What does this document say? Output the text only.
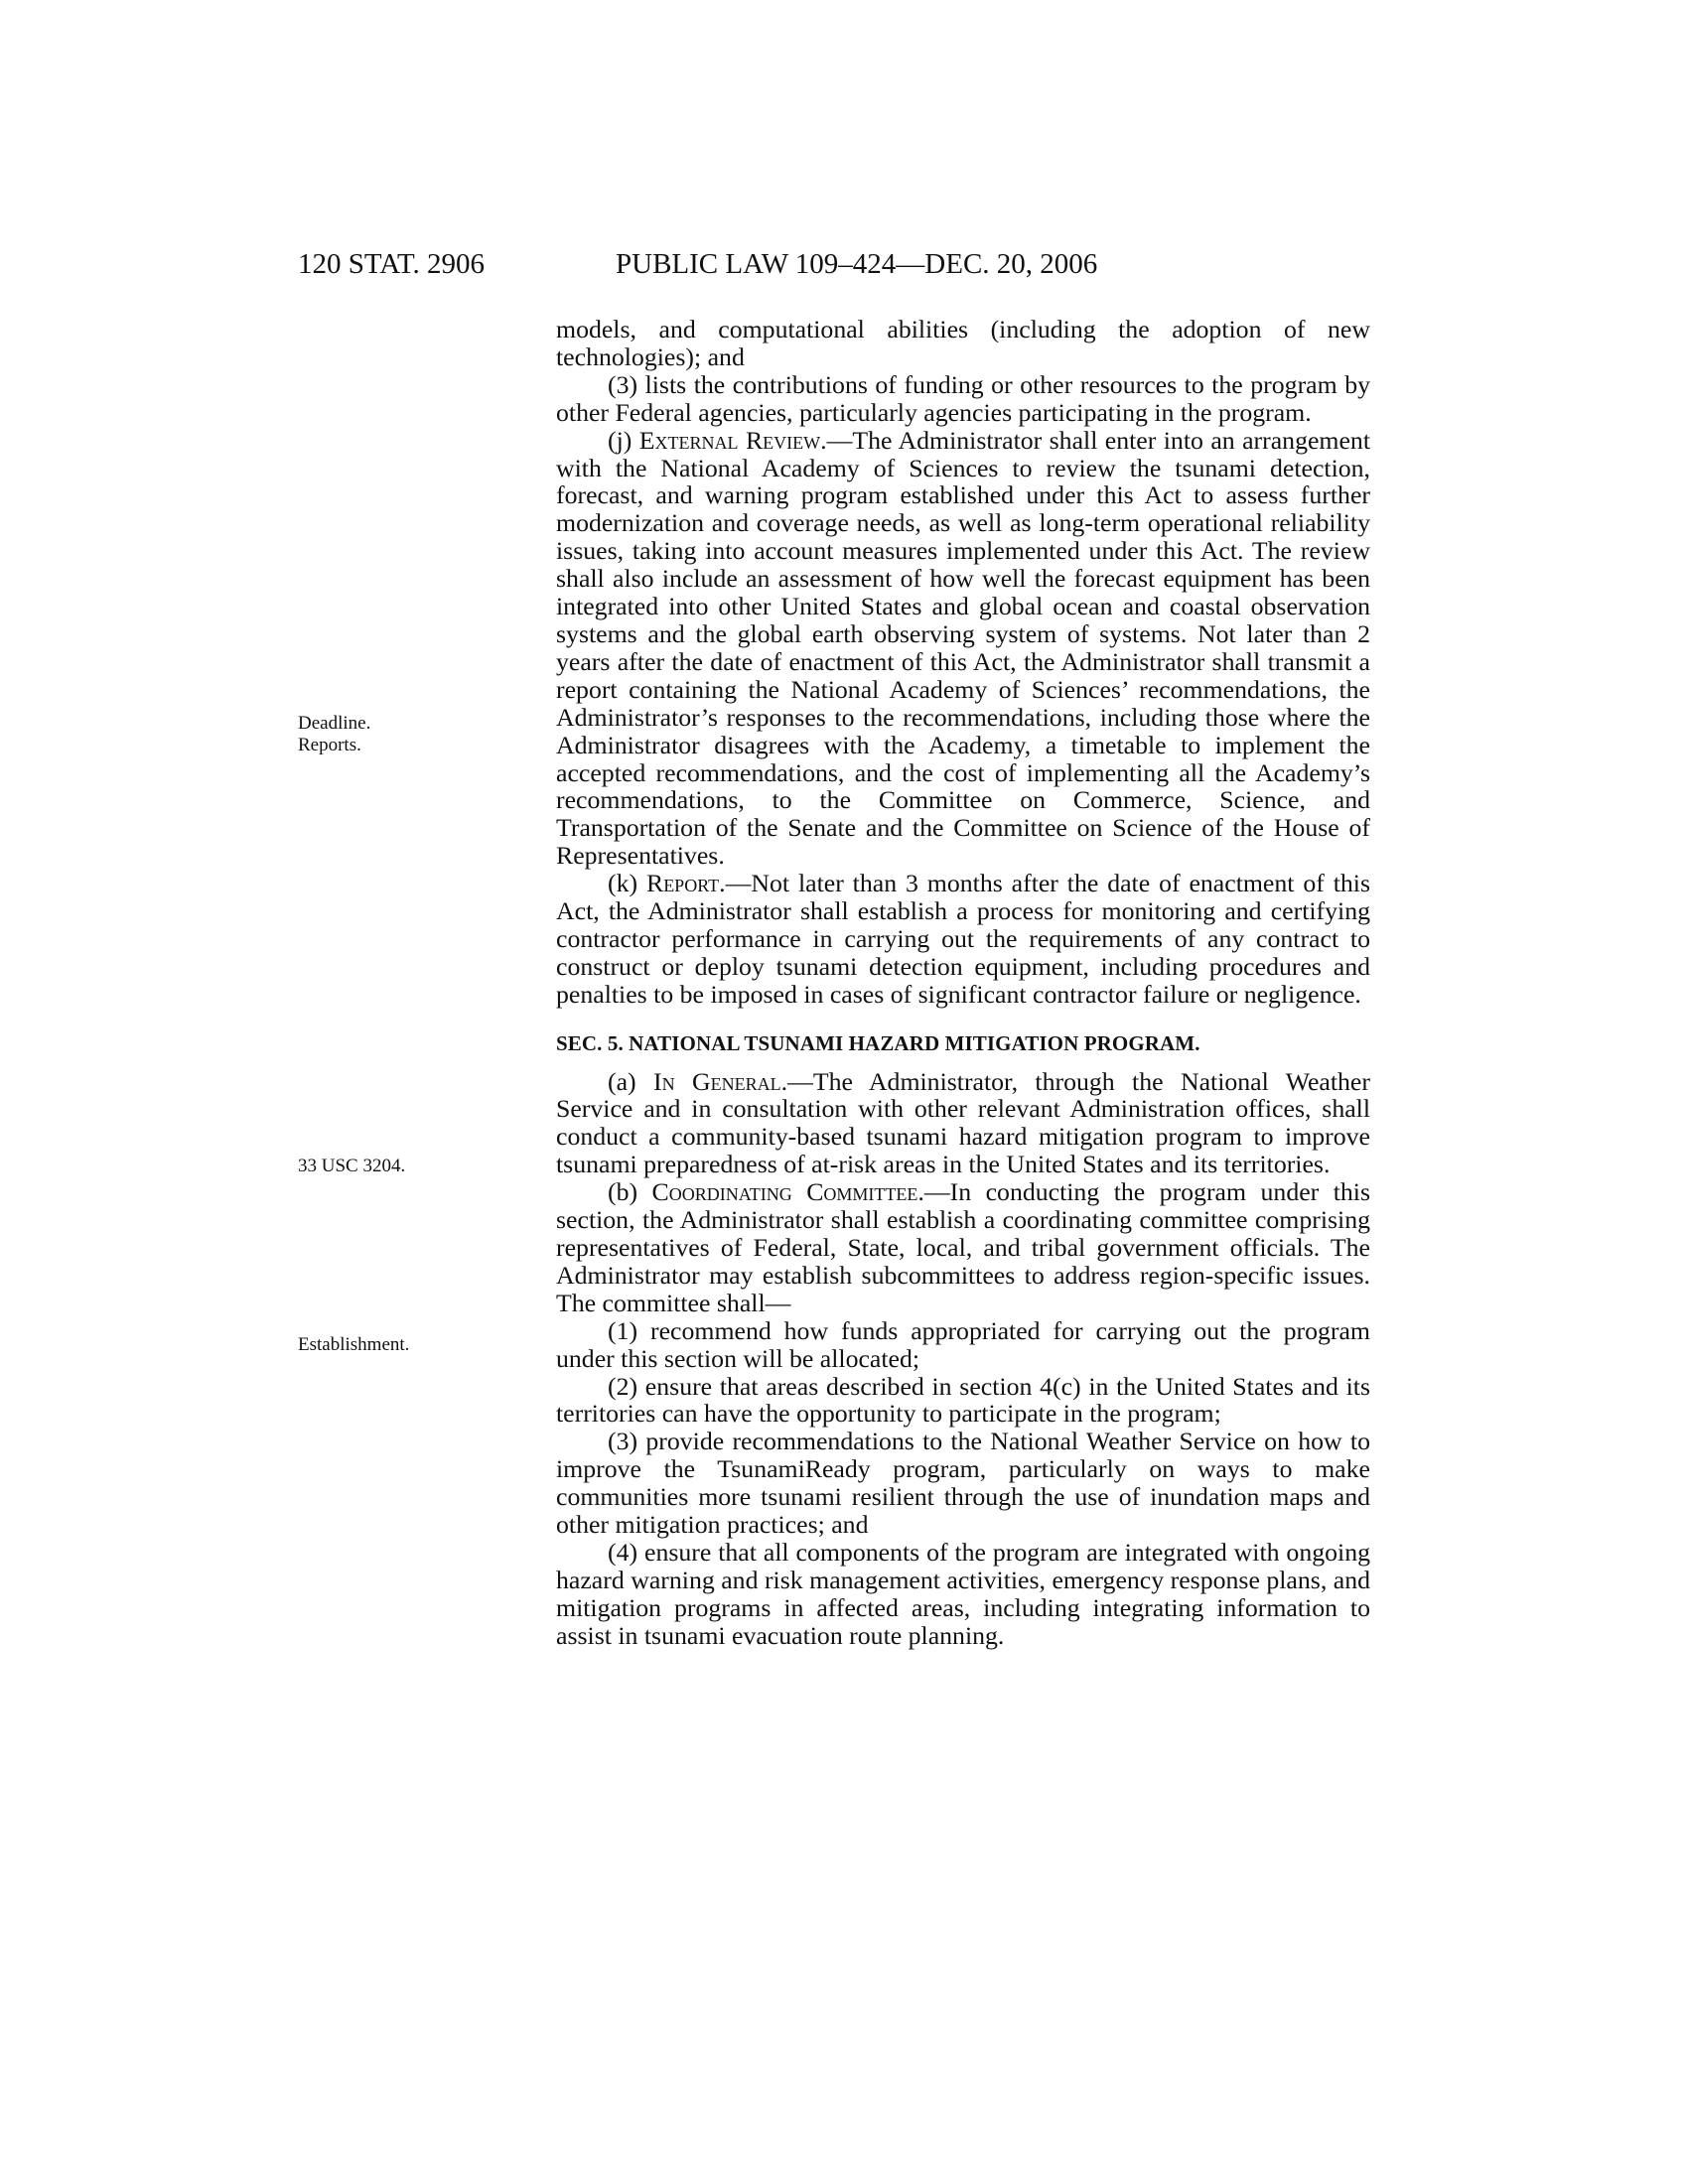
120 STAT. 2906	PUBLIC LAW 109–424—DEC. 20, 2006
Deadline.
Reports.
33 USC 3204.
Establishment.

models, and computational abilities (including the adoption of new technologies); and

(3) lists the contributions of funding or other resources to the program by other Federal agencies, particularly agencies participating in the program.

(j) External Review.—The Administrator shall enter into an arrangement with the National Academy of Sciences to review the tsunami detection, forecast, and warning program established under this Act to assess further modernization and coverage needs, as well as long-term operational reliability issues, taking into account measures implemented under this Act. The review shall also include an assessment of how well the forecast equipment has been integrated into other United States and global ocean and coastal observation systems and the global earth observing system of systems. Not later than 2 years after the date of enactment of this Act, the Administrator shall transmit a report containing the National Academy of Sciences’ recommendations, the Administrator’s responses to the recommendations, including those where the Administrator disagrees with the Academy, a timetable to implement the accepted recommendations, and the cost of implementing all the Academy’s recommendations, to the Committee on Commerce, Science, and Transportation of the Senate and the Committee on Science of the House of Representatives.

(k) Report.—Not later than 3 months after the date of enactment of this Act, the Administrator shall establish a process for monitoring and certifying contractor performance in carrying out the requirements of any contract to construct or deploy tsunami detection equipment, including procedures and penalties to be imposed in cases of significant contractor failure or negligence.

SEC. 5. NATIONAL TSUNAMI HAZARD MITIGATION PROGRAM.

(a) In General.—The Administrator, through the National Weather Service and in consultation with other relevant Administration offices, shall conduct a community-based tsunami hazard mitigation program to improve tsunami preparedness of at-risk areas in the United States and its territories.

(b) Coordinating Committee.—In conducting the program under this section, the Administrator shall establish a coordinating committee comprising representatives of Federal, State, local, and tribal government officials. The Administrator may establish subcommittees to address region-specific issues. The committee shall—

(1) recommend how funds appropriated for carrying out the program under this section will be allocated;

(2) ensure that areas described in section 4(c) in the United States and its territories can have the opportunity to participate in the program;

(3) provide recommendations to the National Weather Service on how to improve the TsunamiReady program, particularly on ways to make communities more tsunami resilient through the use of inundation maps and other mitigation practices; and

(4) ensure that all components of the program are integrated with ongoing hazard warning and risk management activities, emergency response plans, and mitigation programs in affected areas, including integrating information to assist in tsunami evacuation route planning.
